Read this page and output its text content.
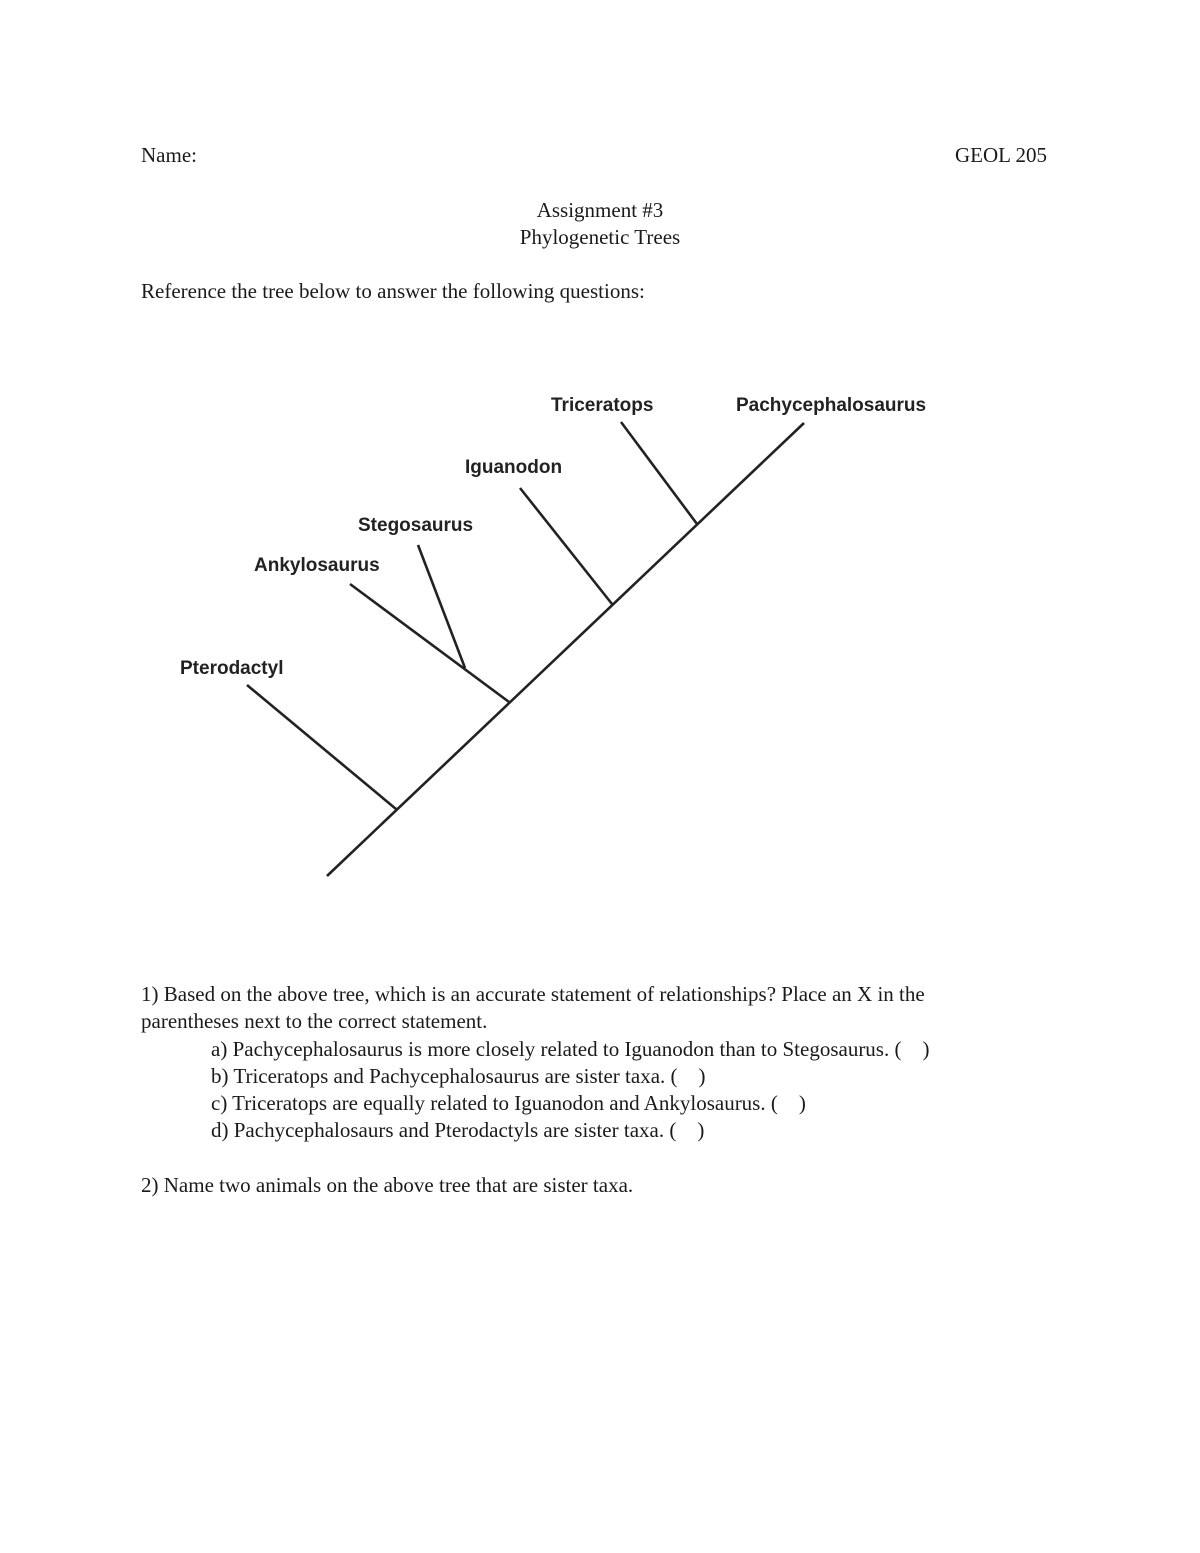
Name:	GEOL 205
Assignment #3
Phylogenetic Trees
Reference the tree below to answer the following questions:
Pterodactyl
Ankylosaurus
Stegosaurus
Iguanodon
Triceratops	Pachycephalosaurus
1) Based on the above tree, which is an accurate statement of relationships? Place an X in the
parentheses next to the correct statement.
a) Pachycephalosaurus is more closely related to Iguanodon than to Stegosaurus. (    )
b) Triceratops and Pachycephalosaurus are sister taxa. (    )
c) Triceratops are equally related to Iguanodon and Ankylosaurus. (    )
d) Pachycephalosaurs and Pterodactyls are sister taxa. (    )
2) Name two animals on the above tree that are sister taxa.
